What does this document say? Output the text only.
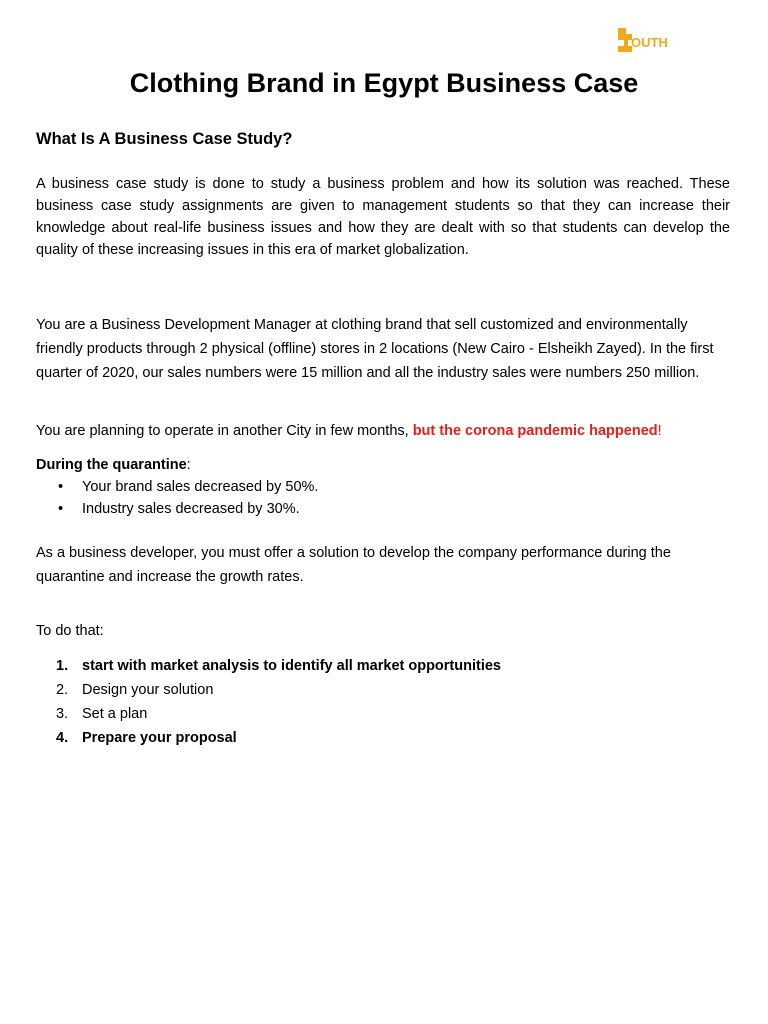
OUTH
Clothing Brand in Egypt Business Case
What Is A Business Case Study?

A business case study is done to study a business problem and how its solution was reached. These business case study assignments are given to management students so that they can increase their knowledge about real-life business issues and how they are dealt with so that students can develop the quality of these increasing issues in this era of market globalization.

You are a Business Development Manager at clothing brand that sell customized and environmentally friendly products through 2 physical (offline) stores in 2 locations (New Cairo - Elsheikh Zayed). In the first quarter of 2020, our sales numbers were 15 million and all the industry sales were numbers 250 million.

You are planning to operate in another City in few months, but the corona pandemic happened!

During the quarantine:

• Your brand sales decreased by 50%.
• Industry sales decreased by 30%.

As a business developer, you must offer a solution to develop the company performance during the quarantine and increase the growth rates.

To do that:

1. start with market analysis to identify all market opportunities
2. Design your solution
3. Set a plan
4. Prepare your proposal
